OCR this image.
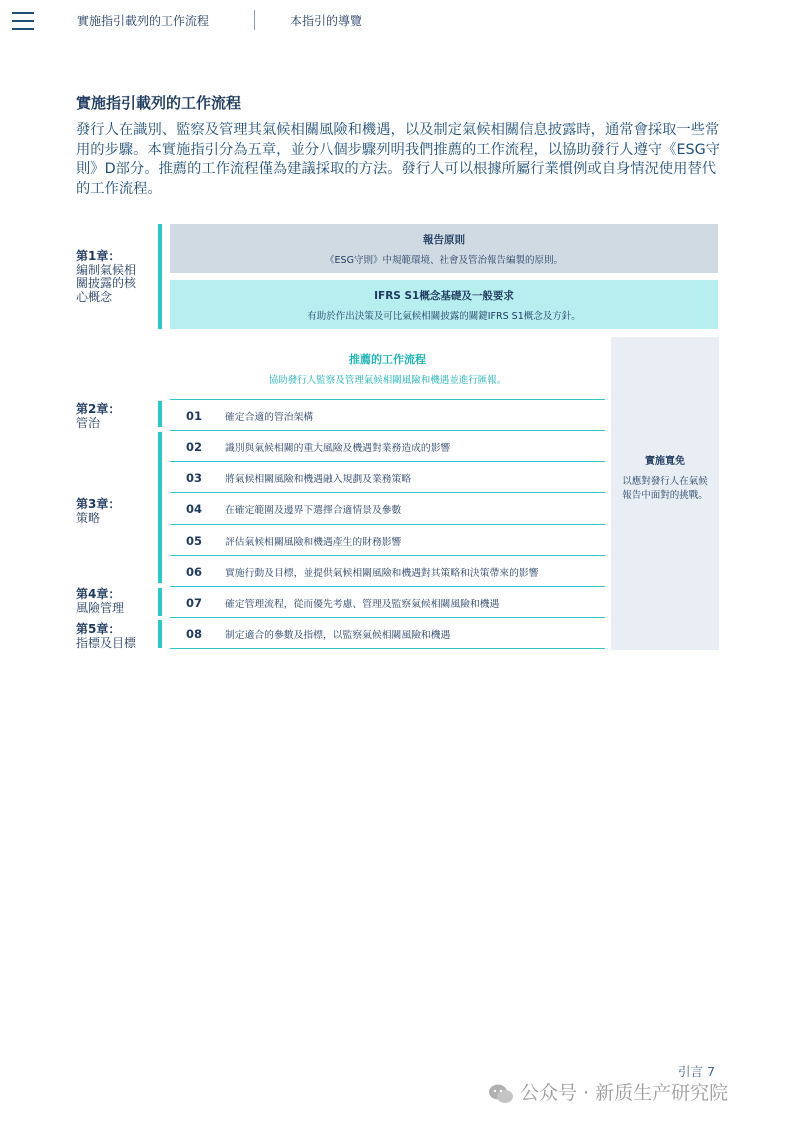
實施指引載列的工作流程	本指引的導覽
實施指引載列的工作流程
發行人在識別、監察及管理其氣候相關風險和機遇，以及制定氣候相關信息披露時，通常會採取一些常用的步驟。本實施指引分為五章，並分八個步驟列明我們推薦的工作流程，以協助發行人遵守《ESG守則》D部分。推薦的工作流程僅為建議採取的方法。發行人可以根據所屬行業慣例或自身情況使用替代的工作流程。
第1章：
編制氣候相關披露的核心概念
第2章：
管治
第3章：
策略
第4章：
風險管理
第5章：
指標及目標
報告原則
《ESG守則》中規範環境、社會及管治報告編製的原則。
IFRS S1概念基礎及一般要求
有助於作出決策及可比氣候相關披露的關鍵IFRS S1概念及方針。
推薦的工作流程
協助發行人監察及管理氣候相關風險和機遇並進行匯報。
01 確定合適的管治架構
02 識別與氣候相關的重大風險及機遇對業務造成的影響
03 將氣候相關風險和機遇融入規劃及業務策略
04 在確定範圍及邊界下選擇合適情景及參數
05 評估氣候相關風險和機遇產生的財務影響
06 實施行動及目標，並提供氣候相關風險和機遇對其策略和決策帶來的影響
07 確定管理流程，從而優先考慮、管理及監察氣候相關風險和機遇
08 制定適合的參數及指標，以監察氣候相關風險和機遇
實施寬免
以應對發行人在氣候報告中面對的挑戰。
引言 7
公众号 · 新质生产研究院
